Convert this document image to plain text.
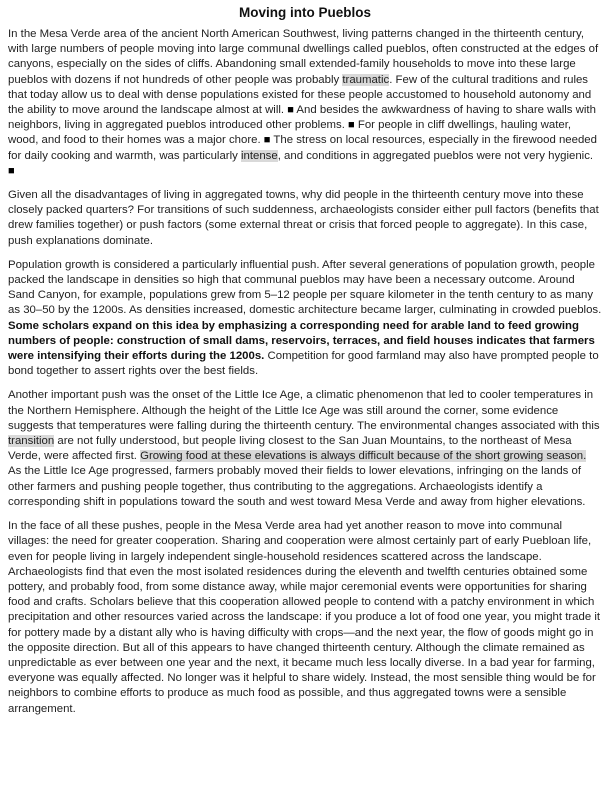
Moving into Pueblos

In the Mesa Verde area of the ancient North American Southwest, living patterns changed in the thirteenth century, with large numbers of people moving into large communal dwellings called pueblos, often constructed at the edges of canyons, especially on the sides of cliffs. Abandoning small extended-family households to move into these large pueblos with dozens if not hundreds of other people was probably traumatic. Few of the cultural traditions and rules that today allow us to deal with dense populations existed for these people accustomed to household autonomy and the ability to move around the landscape almost at will. ■ And besides the awkwardness of having to share walls with neighbors, living in aggregated pueblos introduced other problems. ■ For people in cliff dwellings, hauling water, wood, and food to their homes was a major chore. ■ The stress on local resources, especially in the firewood needed for daily cooking and warmth, was particularly intense, and conditions in aggregated pueblos were not very hygienic. ■

Given all the disadvantages of living in aggregated towns, why did people in the thirteenth century move into these closely packed quarters? For transitions of such suddenness, archaeologists consider either pull factors (benefits that drew families together) or push factors (some external threat or crisis that forced people to aggregate). In this case, push explanations dominate.

Population growth is considered a particularly influential push. After several generations of population growth, people packed the landscape in densities so high that communal pueblos may have been a necessary outcome. Around Sand Canyon, for example, populations grew from 5–12 people per square kilometer in the tenth century to as many as 30–50 by the 1200s. As densities increased, domestic architecture became larger, culminating in crowded pueblos. Some scholars expand on this idea by emphasizing a corresponding need for arable land to feed growing numbers of people: construction of small dams, reservoirs, terraces, and field houses indicates that farmers were intensifying their efforts during the 1200s. Competition for good farmland may also have prompted people to bond together to assert rights over the best fields.

Another important push was the onset of the Little Ice Age, a climatic phenomenon that led to cooler temperatures in the Northern Hemisphere. Although the height of the Little Ice Age was still around the corner, some evidence suggests that temperatures were falling during the thirteenth century. The environmental changes associated with this transition are not fully understood, but people living closest to the San Juan Mountains, to the northeast of Mesa Verde, were affected first. Growing food at these elevations is always difficult because of the short growing season. As the Little Ice Age progressed, farmers probably moved their fields to lower elevations, infringing on the lands of other farmers and pushing people together, thus contributing to the aggregations. Archaeologists identify a corresponding shift in populations toward the south and west toward Mesa Verde and away from higher elevations.

In the face of all these pushes, people in the Mesa Verde area had yet another reason to move into communal villages: the need for greater cooperation. Sharing and cooperation were almost certainly part of early Puebloan life, even for people living in largely independent single-household residences scattered across the landscape. Archaeologists find that even the most isolated residences during the eleventh and twelfth centuries obtained some pottery, and probably food, from some distance away, while major ceremonial events were opportunities for sharing food and crafts. Scholars believe that this cooperation allowed people to contend with a patchy environment in which precipitation and other resources varied across the landscape: if you produce a lot of food one year, you might trade it for pottery made by a distant ally who is having difficulty with crops—and the next year, the flow of goods might go in the opposite direction. But all of this appears to have changed thirteenth century. Although the climate remained as unpredictable as ever between one year and the next, it became much less locally diverse. In a bad year for farming, everyone was equally affected. No longer was it helpful to share widely. Instead, the most sensible thing would be for neighbors to combine efforts to produce as much food as possible, and thus aggregated towns were a sensible arrangement.
